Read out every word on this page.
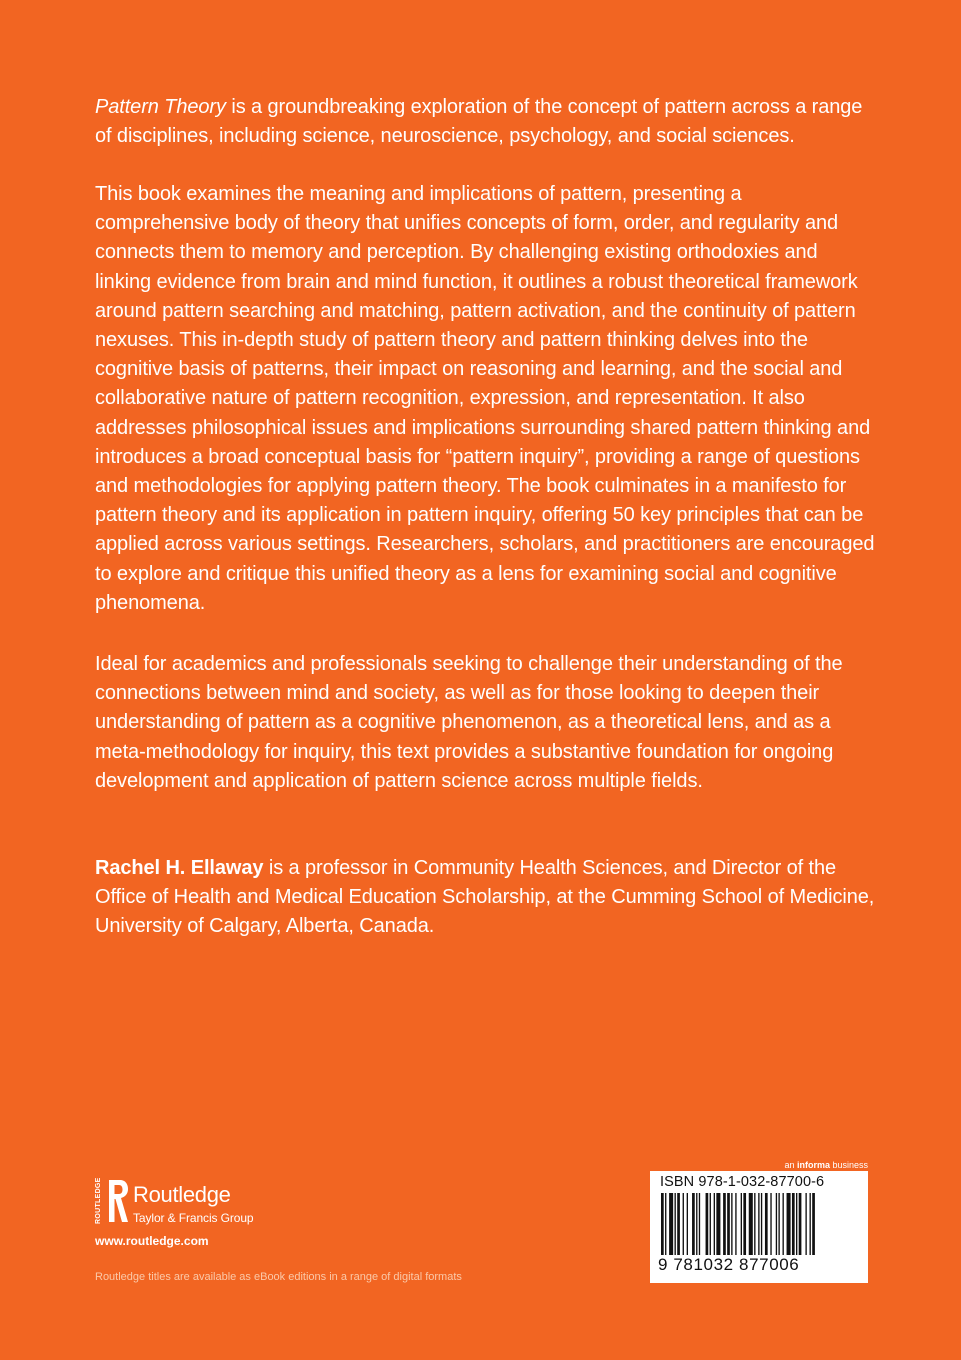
Pattern Theory is a groundbreaking exploration of the concept of pattern across a range of disciplines, including science, neuroscience, psychology, and social sciences.

This book examines the meaning and implications of pattern, presenting a comprehensive body of theory that unifies concepts of form, order, and regularity and connects them to memory and perception. By challenging existing orthodoxies and linking evidence from brain and mind function, it outlines a robust theoretical framework around pattern searching and matching, pattern activation, and the continuity of pattern nexuses. This in-depth study of pattern theory and pattern thinking delves into the cognitive basis of patterns, their impact on reasoning and learning, and the social and collaborative nature of pattern recognition, expression, and representation. It also addresses philosophical issues and implications surrounding shared pattern thinking and introduces a broad conceptual basis for “pattern inquiry”, providing a range of questions and methodologies for applying pattern theory. The book culminates in a manifesto for pattern theory and its application in pattern inquiry, offering 50 key principles that can be applied across various settings. Researchers, scholars, and practitioners are encouraged to explore and critique this unified theory as a lens for examining social and cognitive phenomena.

Ideal for academics and professionals seeking to challenge their understanding of the connections between mind and society, as well as for those looking to deepen their understanding of pattern as a cognitive phenomenon, as a theoretical lens, and as a meta-methodology for inquiry, this text provides a substantive foundation for ongoing development and application of pattern science across multiple fields.

Rachel H. Ellaway is a professor in Community Health Sciences, and Director of the Office of Health and Medical Education Scholarship, at the Cumming School of Medicine, University of Calgary, Alberta, Canada.

ROUTLEDGE Routledge
Taylor & Francis Group
www.routledge.com
Routledge titles are available as eBook editions in a range of digital formats
an informa business
ISBN 978-1-032-87700-6
9 781032 877006
